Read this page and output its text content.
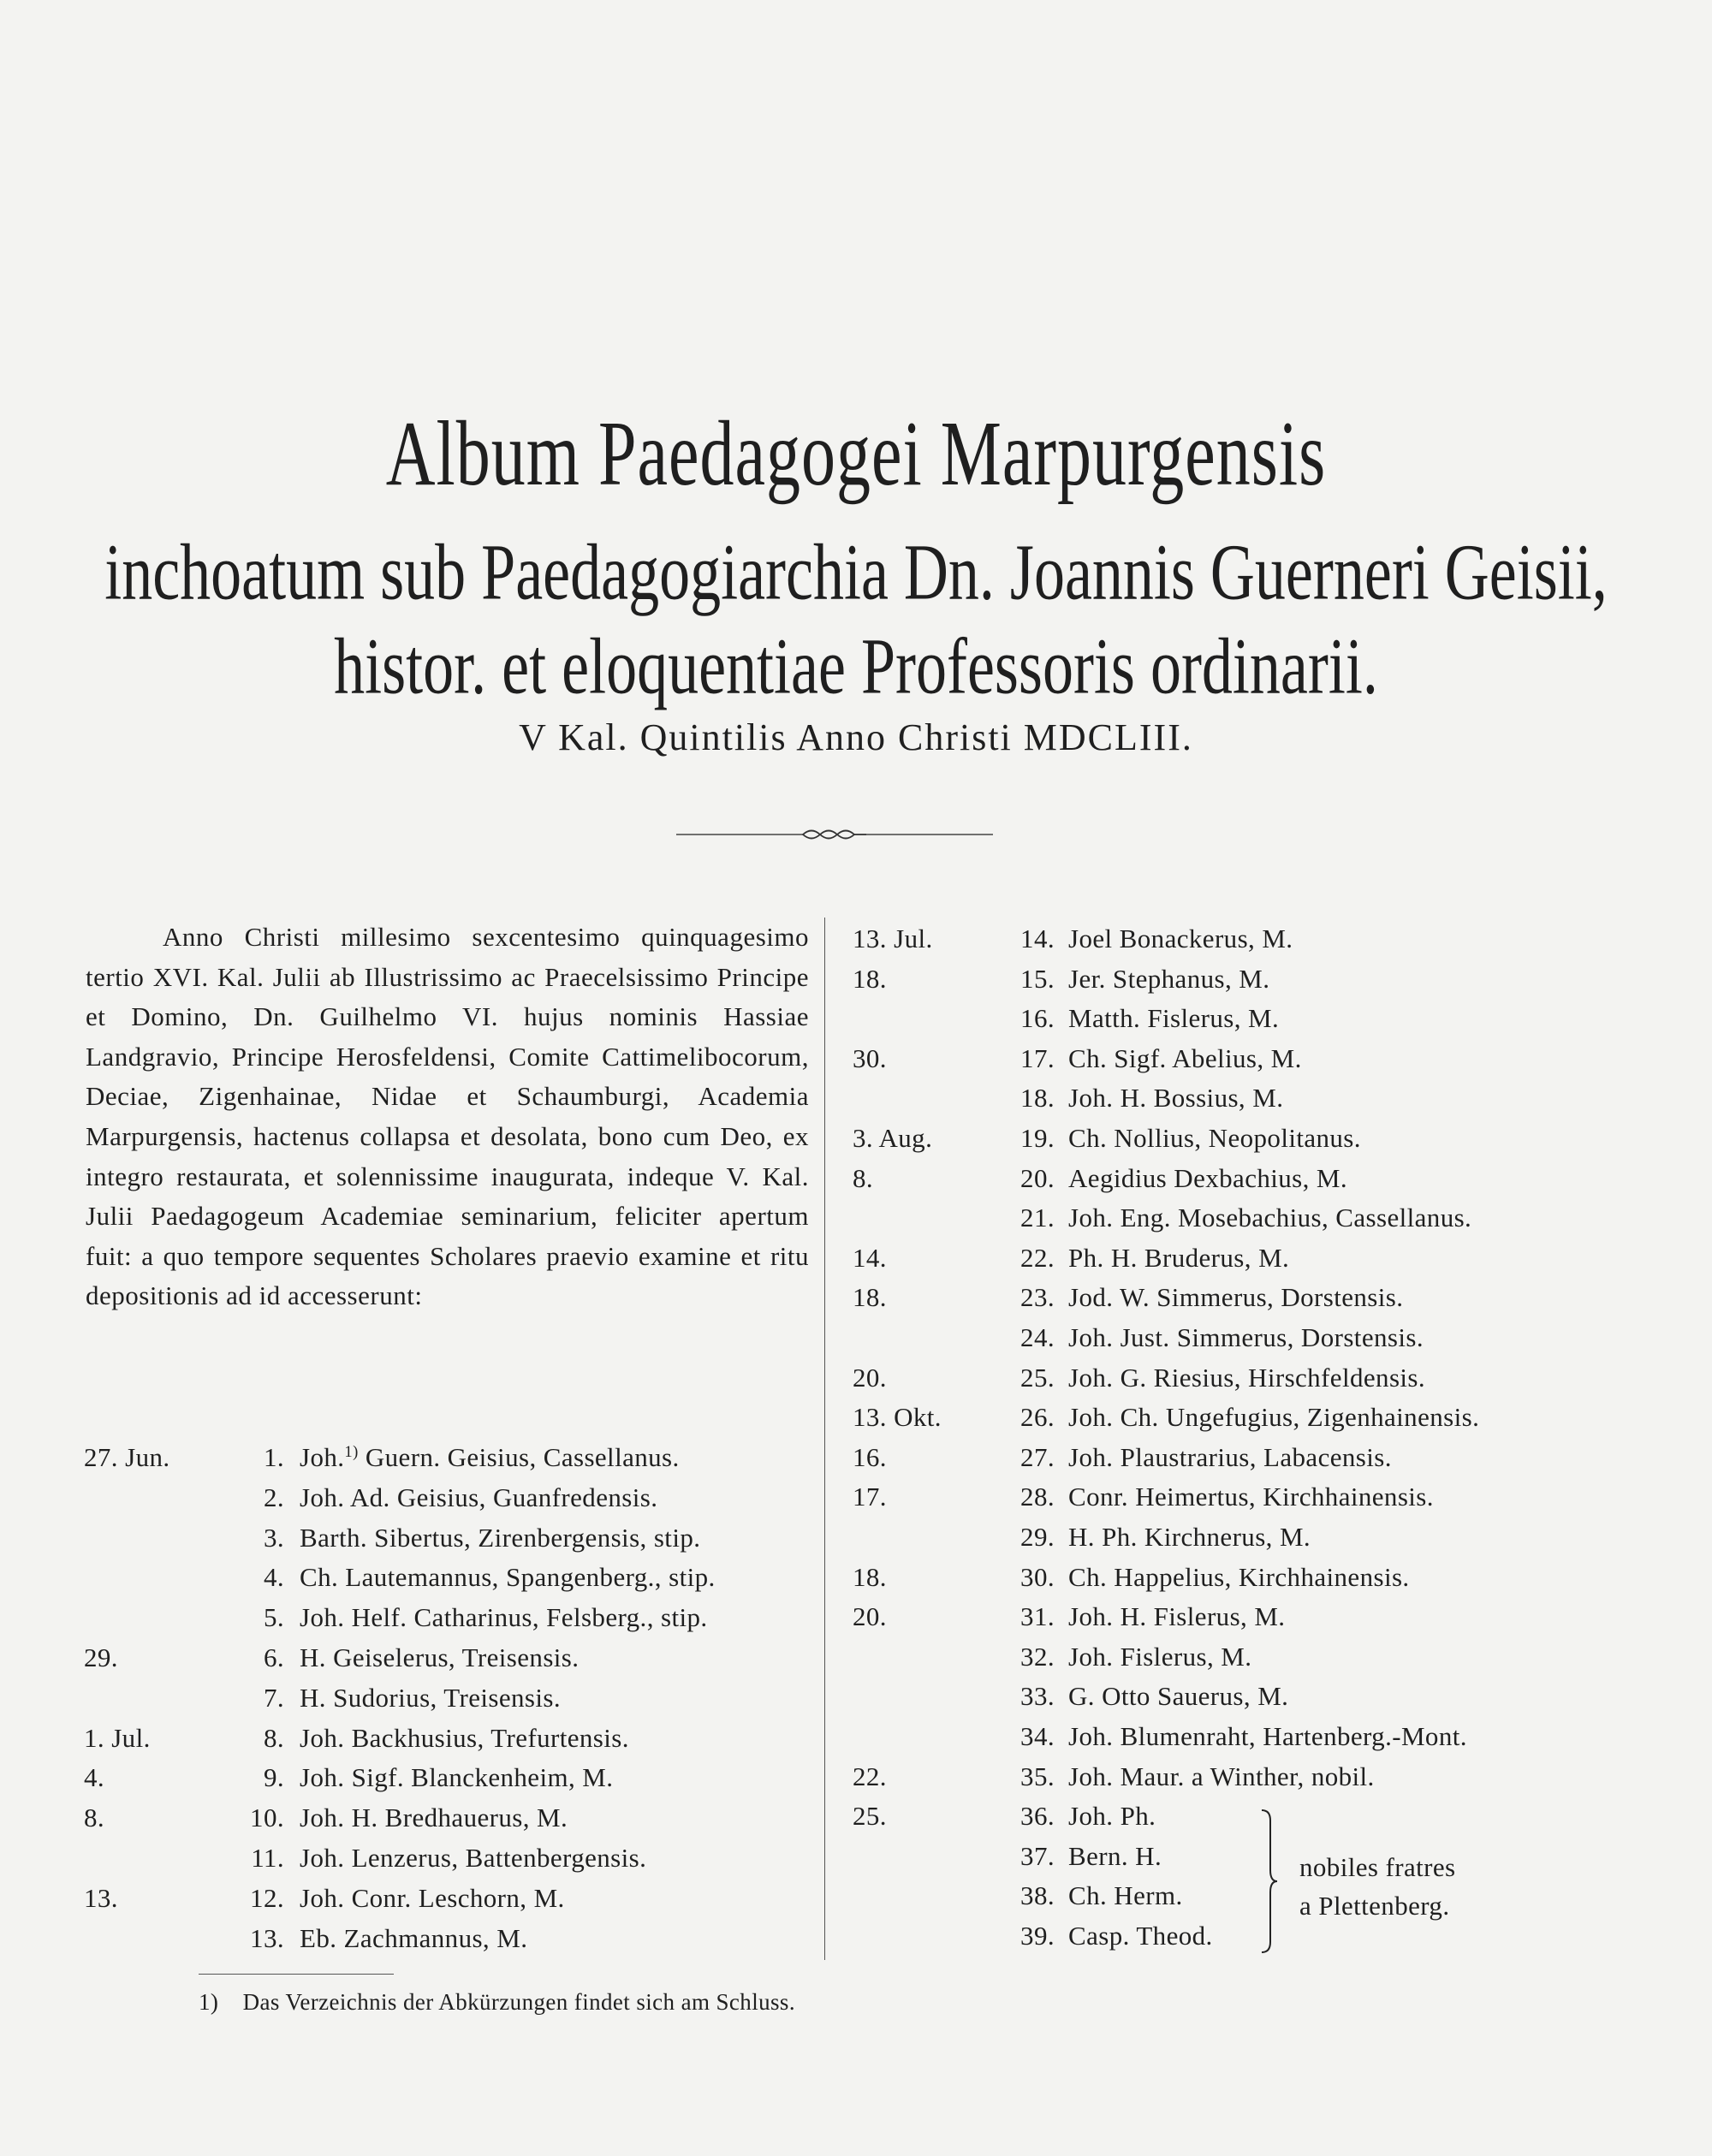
Album Paedagogei Marpurgensis
inchoatum sub Paedagogiarchia Dn. Joannis Guerneri Geisii,
histor. et eloquentiae Professoris ordinarii.
V Kal. Quintilis Anno Christi MDCLIII.
Anno Christi millesimo sexcentesimo quinquagesimo tertio XVI. Kal. Julii ab Illustrissimo ac Praecelsissimo Principe et Domino, Dn. Guilhelmo VI. hujus nominis Hassiae Landgravio, Principe Herosfeldensi, Comite Cattimelibocorum, Deciae, Zigenhainae, Nidae et Schaumburgi, Academia Marpurgensis, hactenus collapsa et desolata, bono cum Deo, ex integro restaurata, et solennissime inaugurata, indeque V. Kal. Julii Paedagogeum Academiae seminarium, feliciter apertum fuit: a quo tempore sequentes Scholares praevio examine et ritu depositionis ad id accesserunt:
27. Jun.	1. Joh.$^{1)}$ Guern. Geisius, Cassellanus.
2. Joh. Ad. Geisius, Guanfredensis.
3. Barth. Sibertus, Zirenbergensis, stip.
4. Ch. Lautemannus, Spangenberg., stip.
5. Joh. Helf. Catharinus, Felsberg., stip.
29.	6. H. Geiselerus, Treisensis.
7. H. Sudorius, Treisensis.
1. Jul.	8. Joh. Backhusius, Trefurtensis.
4.	9. Joh. Sigf. Blanckenheim, M.
8.	10. Joh. H. Bredhauerus, M.
11. Joh. Lenzerus, Battenbergensis.
13.	12. Joh. Conr. Leschorn, M.
13. Eb. Zachmannus, M.
13. Jul.	14. Joel Bonackerus, M.
18.	15. Jer. Stephanus, M.
16. Matth. Fislerus, M.
30.	17. Ch. Sigf. Abelius, M.
18. Joh. H. Bossius, M.
3. Aug.	19. Ch. Nollius, Neopolitanus.
8.	20. Aegidius Dexbachius, M.
21. Joh. Eng. Mosebachius, Cassellanus.
14.	22. Ph. H. Bruderus, M.
18.	23. Jod. W. Simmerus, Dorstensis.
24. Joh. Just. Simmerus, Dorstensis.
20.	25. Joh. G. Riesius, Hirschfeldensis.
13. Okt.	26. Joh. Ch. Ungefugius, Zigenhainensis.
16.	27. Joh. Plaustrarius, Labacensis.
17.	28. Conr. Heimertus, Kirchhainensis.
29. H. Ph. Kirchnerus, M.
18.	30. Ch. Happelius, Kirchhainensis.
20.	31. Joh. H. Fislerus, M.
32. Joh. Fislerus, M.
33. G. Otto Sauerus, M.
34. Joh. Blumenraht, Hartenberg.-Mont.
22.	35. Joh. Maur. a Winther, nobil.
25.	36. Joh. Ph.
37. Bern. H.
38. Ch. Herm.
39. Casp. Theod.
nobiles fratres
a Plettenberg.
1) Das Verzeichnis der Abkürzungen findet sich am Schluss.
